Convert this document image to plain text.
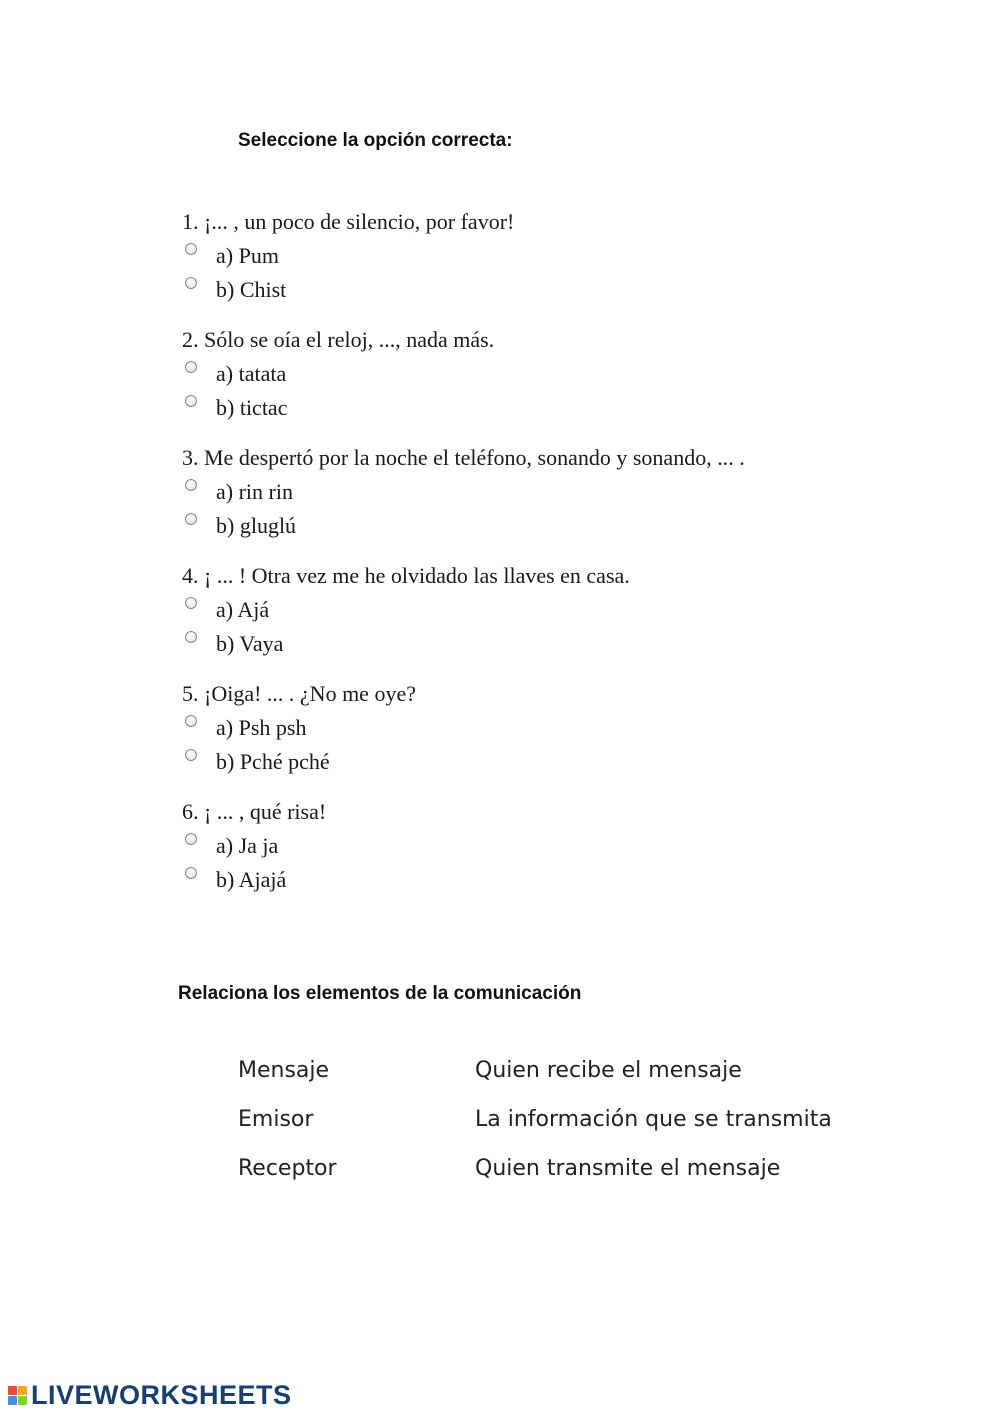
Seleccione la opción correcta:
1. ¡... , un poco de silencio, por favor!
a) Pum
b) Chist
2. Sólo se oía el reloj, ..., nada más.
a) tatata
b) tictac
3. Me despertó por la noche el teléfono, sonando y sonando, ... .
a) rin rin
b) gluglú
4. ¡ ... ! Otra vez me he olvidado las llaves en casa.
a) Ajá
b) Vaya
5. ¡Oiga! ... . ¿No me oye?
a) Psh psh
b) Pché pché
6. ¡ ... , qué risa!
a) Ja ja
b) Ajajá
Relaciona los elementos de la comunicación
Mensaje	Quien recibe el mensaje
Emisor	La información que se transmita
Receptor	Quien transmite el mensaje
LIVEWORKSHEETS
